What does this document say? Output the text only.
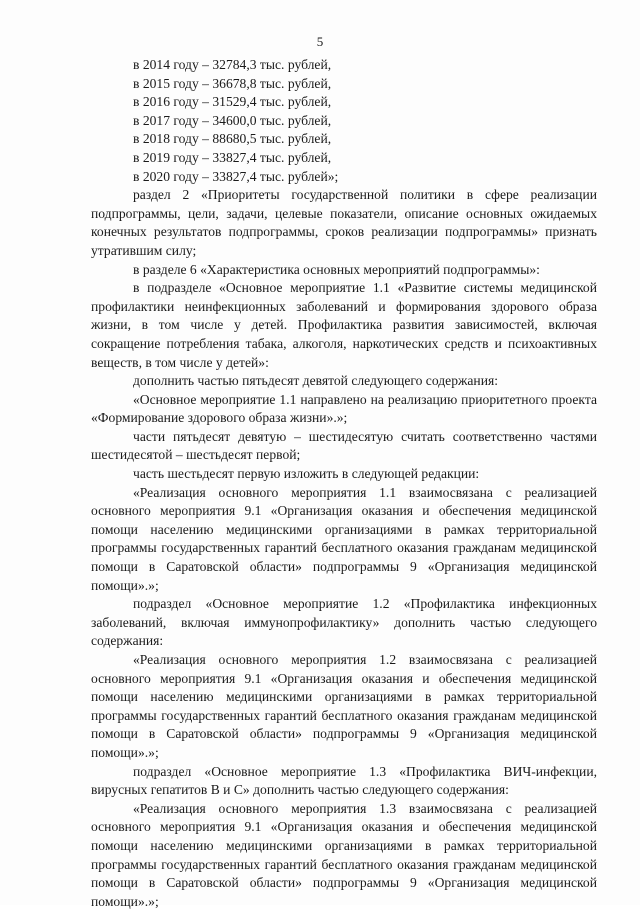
5

в 2014 году – 32784,3 тыс. рублей,

в 2015 году – 36678,8 тыс. рублей,

в 2016 году – 31529,4 тыс. рублей,

в 2017 году – 34600,0 тыс. рублей,

в 2018 году – 88680,5 тыс. рублей,

в 2019 году – 33827,4 тыс. рублей,

в 2020 году – 33827,4 тыс. рублей»;

раздел 2 «Приоритеты государственной политики в сфере реализации подпрограммы, цели, задачи, целевые показатели, описание основных ожидаемых конечных результатов подпрограммы, сроков реализации подпрограммы» признать утратившим силу;

в разделе 6 «Характеристика основных мероприятий подпрограммы»:

в подразделе «Основное мероприятие 1.1 «Развитие системы медицинской профилактики неинфекционных заболеваний и формирования здорового образа жизни, в том числе у детей. Профилактика развития зависимостей, включая сокращение потребления табака, алкоголя, наркотических средств и психоактивных веществ, в том числе у детей»:

дополнить частью пятьдесят девятой следующего содержания:

«Основное мероприятие 1.1 направлено на реализацию приоритетного проекта «Формирование здорового образа жизни».»;

части пятьдесят девятую – шестидесятую считать соответственно частями шестидесятой – шестьдесят первой;

часть шестьдесят первую изложить в следующей редакции:

«Реализация основного мероприятия 1.1 взаимосвязана с реализацией основного мероприятия 9.1 «Организация оказания и обеспечения медицинской помощи населению медицинскими организациями в рамках территориальной программы государственных гарантий бесплатного оказания гражданам медицинской помощи в Саратовской области» подпрограммы 9 «Организация медицинской помощи».»;

подраздел «Основное мероприятие 1.2 «Профилактика инфекционных заболеваний, включая иммунопрофилактику» дополнить частью следующего содержания:

«Реализация основного мероприятия 1.2 взаимосвязана с реализацией основного мероприятия 9.1 «Организация оказания и обеспечения медицинской помощи населению медицинскими организациями в рамках территориальной программы государственных гарантий бесплатного оказания гражданам медицинской помощи в Саратовской области» подпрограммы 9 «Организация медицинской помощи».»;

подраздел «Основное мероприятие 1.3 «Профилактика ВИЧ-инфекции, вирусных гепатитов В и С» дополнить частью следующего содержания:

«Реализация основного мероприятия 1.3 взаимосвязана с реализацией основного мероприятия 9.1 «Организация оказания и обеспечения медицинской помощи населению медицинскими организациями в рамках территориальной программы государственных гарантий бесплатного оказания гражданам медицинской помощи в Саратовской области» подпрограммы 9 «Организация медицинской помощи».»;
